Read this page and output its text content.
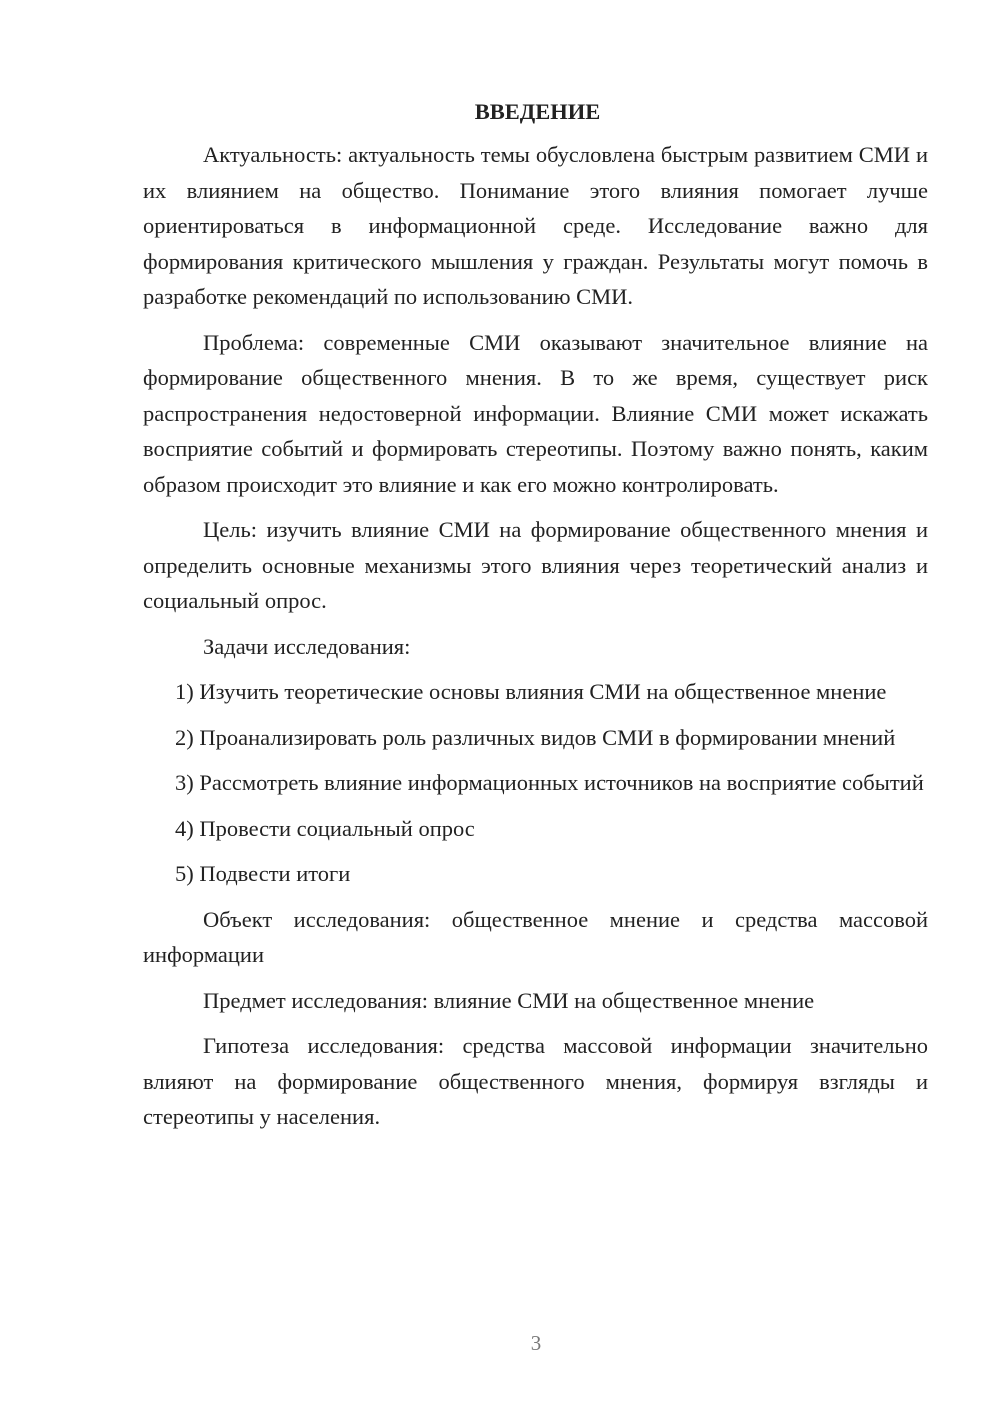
ВВЕДЕНИЕ

Актуальность: актуальность темы обусловлена быстрым развитием СМИ и их влиянием на общество. Понимание этого влияния помогает лучше ориентироваться в информационной среде. Исследование важно для формирования критического мышления у граждан. Результаты могут помочь в разработке рекомендаций по использованию СМИ.

Проблема: современные СМИ оказывают значительное влияние на формирование общественного мнения. В то же время, существует риск распространения недостоверной информации. Влияние СМИ может искажать восприятие событий и формировать стереотипы. Поэтому важно понять, каким образом происходит это влияние и как его можно контролировать.

Цель: изучить влияние СМИ на формирование общественного мнения и определить основные механизмы этого влияния через теоретический анализ и социальный опрос.

Задачи исследования:

1) Изучить теоретические основы влияния СМИ на общественное мнение

2) Проанализировать роль различных видов СМИ в формировании мнений

3) Рассмотреть влияние информационных источников на восприятие событий

4) Провести социальный опрос

5) Подвести итоги

Объект исследования: общественное мнение и средства массовой информации

Предмет исследования: влияние СМИ на общественное мнение

Гипотеза исследования: средства массовой информации значительно влияют на формирование общественного мнения, формируя взгляды и стереотипы у населения.

3
